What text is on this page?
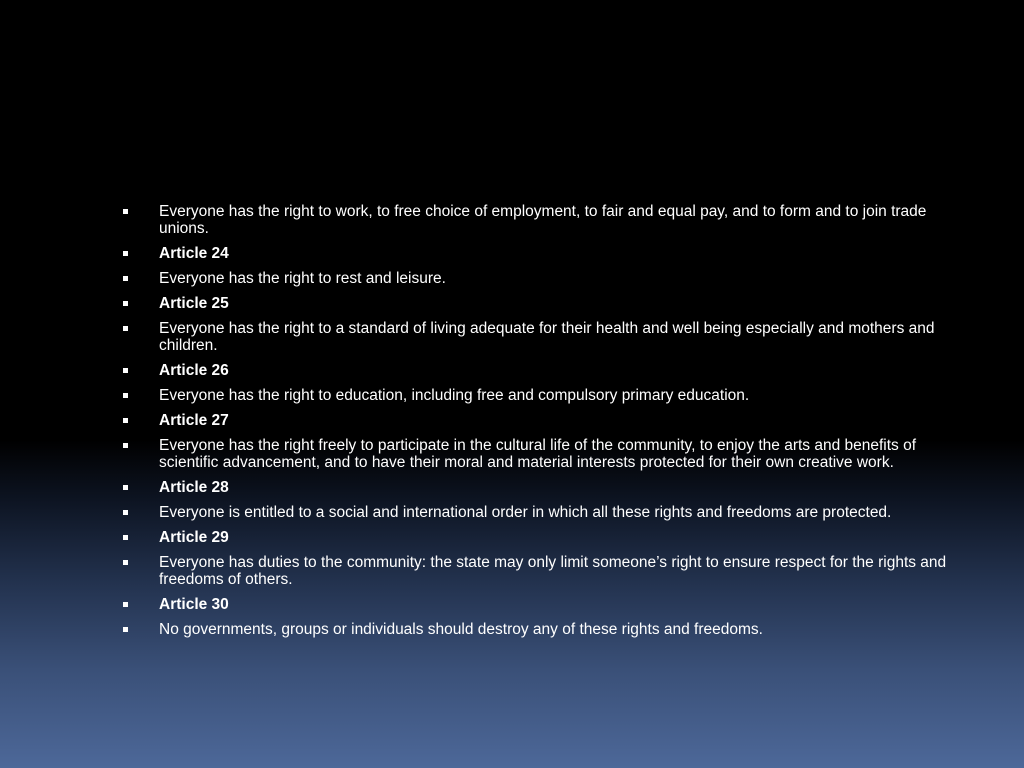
Everyone has the right to work, to free choice of employment, to fair and equal pay, and to form and to join trade unions.
Article 24
Everyone has the right to rest and leisure.
Article 25
Everyone has the right to a standard of living adequate for their health and well being especially and mothers and children.
Article 26
Everyone has the right to education, including free and compulsory primary education.
Article 27
Everyone has the right freely to participate in the cultural life of the community, to enjoy the arts and benefits of scientific advancement, and to have their moral and material interests protected for their own creative work.
Article 28
Everyone is entitled to a social and international order in which all these rights and freedoms are protected.
Article 29
Everyone has duties to the community: the state may only limit someone’s right to ensure respect for the rights and freedoms of others.
Article 30
No governments, groups or individuals should destroy any of these rights and freedoms.
